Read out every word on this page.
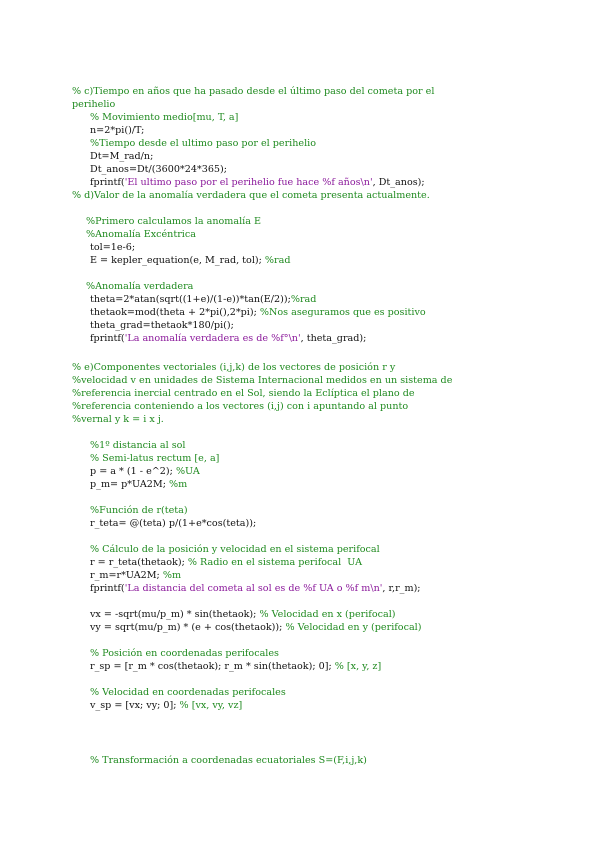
% c)Tiempo en años que ha pasado desde el último paso del cometa por el
perihelio
% Movimiento medio[mu, T, a]
n=2*pi()/T;
%Tiempo desde el ultimo paso por el perihelio
Dt=M_rad/n;
Dt_anos=Dt/(3600*24*365);
fprintf('El ultimo paso por el perihelio fue hace %f años\n', Dt_anos);
% d)Valor de la anomalía verdadera que el cometa presenta actualmente.
%Primero calculamos la anomalía E
%Anomalía Excéntrica
tol=1e-6;
E = kepler_equation(e, M_rad, tol); %rad
%Anomalía verdadera
theta=2*atan(sqrt((1+e)/(1-e))*tan(E/2));%rad
thetaok=mod(theta + 2*pi(),2*pi); %Nos aseguramos que es positivo
theta_grad=thetaok*180/pi();
fprintf('La anomalía verdadera es de %f°\n', theta_grad);
% e)Componentes vectoriales (i,j,k) de los vectores de posición r y
%velocidad v en unidades de Sistema Internacional medidos en un sistema de
%referencia inercial centrado en el Sol, siendo la Eclíptica el plano de
%referencia conteniendo a los vectores (i,j) con i apuntando al punto
%vernal y k = i x j.
%1º distancia al sol
% Semi-latus rectum [e, a]
p = a * (1 - e^2); %UA
p_m= p*UA2M; %m
%Función de r(teta)
r_teta= @(teta) p/(1+e*cos(teta));
% Cálculo de la posición y velocidad en el sistema perifocal
r = r_teta(thetaok); % Radio en el sistema perifocal  UA
r_m=r*UA2M; %m
fprintf('La distancia del cometa al sol es de %f UA o %f m\n', r,r_m);
vx = -sqrt(mu/p_m) * sin(thetaok); % Velocidad en x (perifocal)
vy = sqrt(mu/p_m) * (e + cos(thetaok)); % Velocidad en y (perifocal)
% Posición en coordenadas perifocales
r_sp = [r_m * cos(thetaok); r_m * sin(thetaok); 0]; % [x, y, z]
% Velocidad en coordenadas perifocales
v_sp = [vx; vy; 0]; % [vx, vy, vz]
% Transformación a coordenadas ecuatoriales S=(F,i,j,k)
